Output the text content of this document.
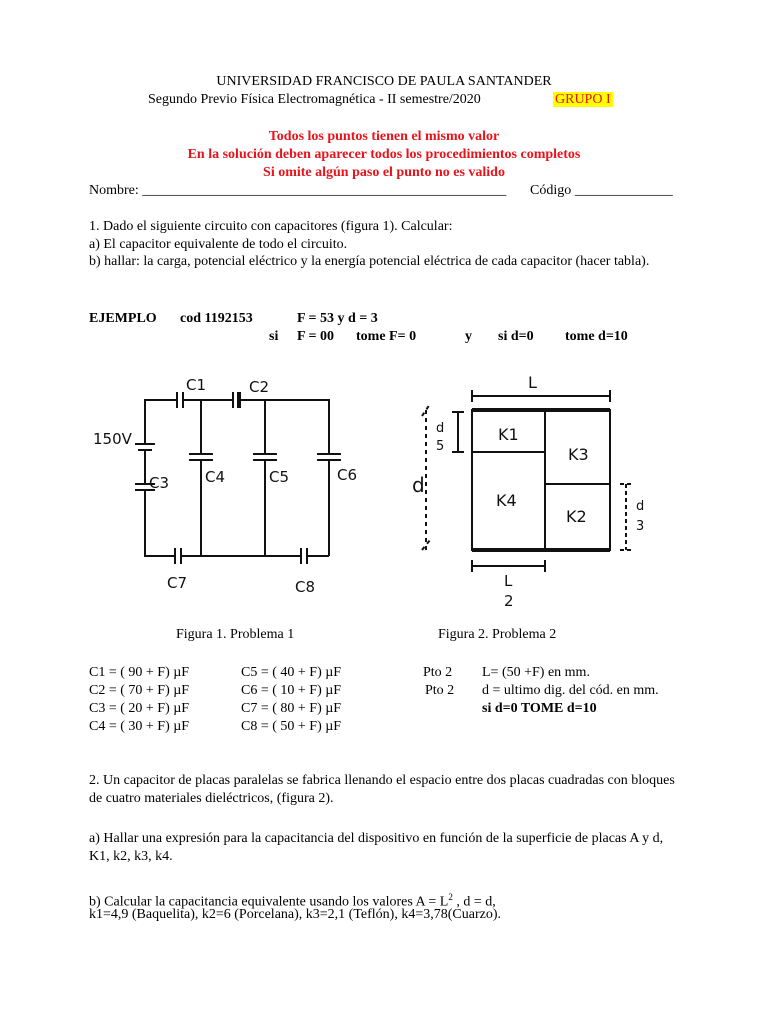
UNIVERSIDAD FRANCISCO DE PAULA SANTANDER
Segundo Previo Física Electromagnética - II semestre/2020	GRUPO I
Todos los puntos tienen el mismo valor
En la solución deben aparecer todos los procedimientos completos
Si omite algún paso el punto no es valido
Nombre: ____________________________________________________ Código ______________
1. Dado el siguiente circuito con capacitores (figura 1). Calcular:
a) El capacitor equivalente de todo el circuito.
b) hallar: la carga, potencial eléctrico y la energía potencial eléctrica de cada capacitor (hacer tabla).
EJEMPLO cod 1192153	F = 53 y d = 3
si F = 00 tome F= 0	y si d=0 tome d=10
150V
C1	C2
C3 C4	C5	C6
C7	C8
L
d
d
5
d
3
L
2
K1
K3
K4
K2
Figura 1. Problema 1	Figura 2. Problema 2
C1 = ( 90 + F) µF
C2 = ( 70 + F) µF
C3 = ( 20 + F) µF
C4 = ( 30 + F) µF
C5 = ( 40 + F) µF
C6 = ( 10 + F) µF
C7 = ( 80 + F) µF
C8 = ( 50 + F) µF
Pto 2 L= (50 +F) en mm.
Pto 2 d = ultimo dig. del cód. en mm.
si d=0 TOME d=10
2. Un capacitor de placas paralelas se fabrica llenando el espacio entre dos placas cuadradas con bloques de cuatro materiales dieléctricos, (figura 2).
a) Hallar una expresión para la capacitancia del dispositivo en función de la superficie de placas A y d, K1, k2, k3, k4.
b) Calcular la capacitancia equivalente usando los valores $A = L^2$ , d = d,
k1=4,9 (Baquelita), k2=6 (Porcelana), k3=2,1 (Teflón), k4=3,78(Cuarzo).
